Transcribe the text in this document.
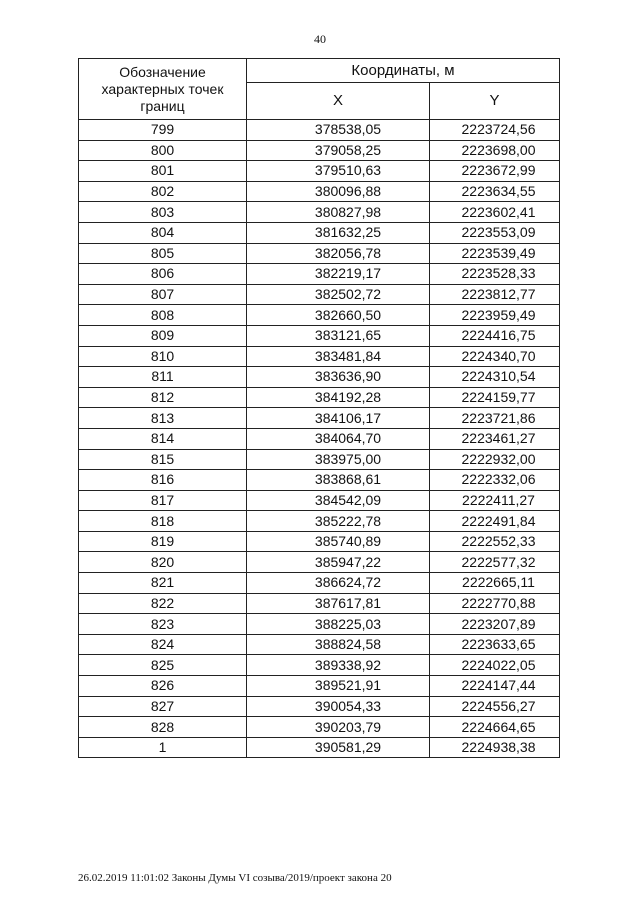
40
Обозначение характерных точек границ	Координаты, м	
	X	Y
799	378538,05	2223724,56
800	379058,25	2223698,00
801	379510,63	2223672,99
802	380096,88	2223634,55
803	380827,98	2223602,41
804	381632,25	2223553,09
805	382056,78	2223539,49
806	382219,17	2223528,33
807	382502,72	2223812,77
808	382660,50	2223959,49
809	383121,65	2224416,75
810	383481,84	2224340,70
811	383636,90	2224310,54
812	384192,28	2224159,77
813	384106,17	2223721,86
814	384064,70	2223461,27
815	383975,00	2222932,00
816	383868,61	2222332,06
817	384542,09	2222411,27
818	385222,78	2222491,84
819	385740,89	2222552,33
820	385947,22	2222577,32
821	386624,72	2222665,11
822	387617,81	2222770,88
823	388225,03	2223207,89
824	388824,58	2223633,65
825	389338,92	2224022,05
826	389521,91	2224147,44
827	390054,33	2224556,27
828	390203,79	2224664,65
1	390581,29	2224938,38
26.02.2019 11:01:02 Законы Думы VI созыва/2019/проект закона 20
